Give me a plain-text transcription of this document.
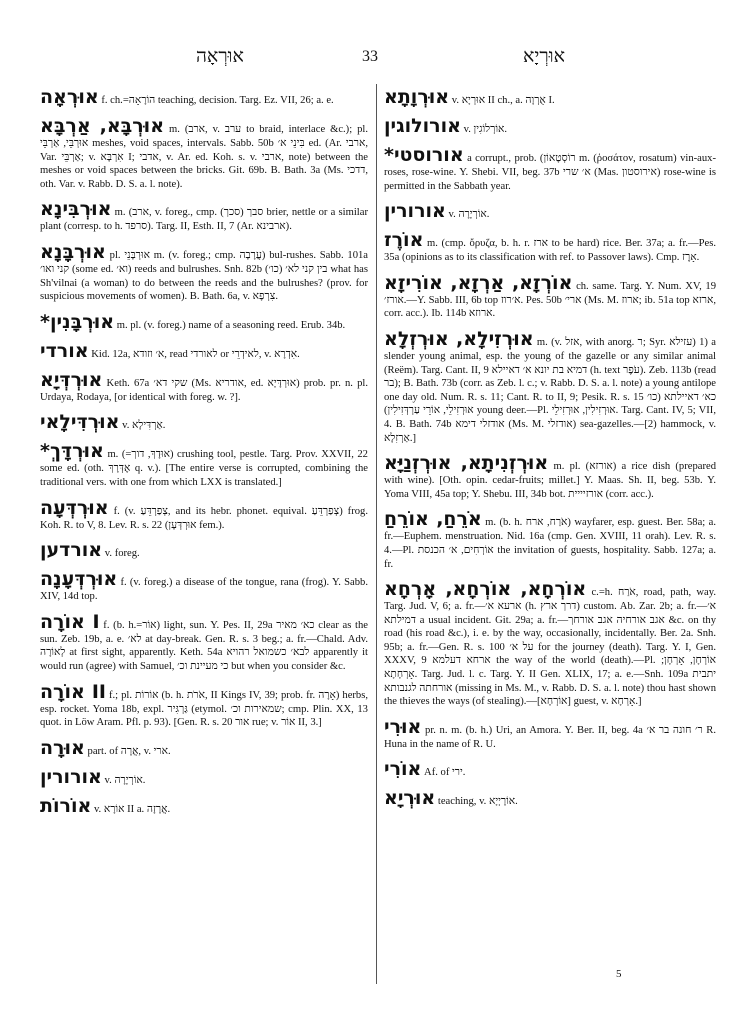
אוּרְאָה	33	אוּרְיָא

אוּרְאָה f. ch.=הוֹרָאָה teaching, decision. Targ. Ez. VII, 26; a. e.

אוּרְבָּא, אַרְבָּא m. (ארב, v. ערב to braid, interlace &c.); pl. אוּרְבֵּי, אַרְבֵּי meshes, void spaces, intervals. Sabb. 50b בִּינֵי א׳ ed. (Ar. ארבי, Var. אַרְבֵּי; v. אִרְבָּא I; אדבי, v. Ar. ed. Koh. s. v. ארבי, note) between the meshes or void spaces between the bricks. Git. 69b. B. Bath. 3a (Ms. דדכי, oth. Var. v. Rabb. D. S. a. l. note).

אוּרְבִּינָא m. (ארב, v. foreg., cmp. סבך (סכך) brier, nettle or a similar plant (corresp. to h. סרפד). Targ. II, Esth. II, 7 (Ar. ארבינא).

אוּרְבָּנָא pl. אוּרְבָּנֵי m. (v. foreg.; cmp. עֲרָבָה) bul-rushes. Sabb. 101a קני ואו׳ (some ed. וא׳) reeds and bulrushes. Snh. 82b בין קני לא׳ (כו׳) what has Sh'vilnai (a woman) to do between the reeds and the bulrushes? (prov. for suspicious movements of women). B. Bath. 6a, v. צִרְפָא.

*אוּרְבָּנִין m. pl. (v. foreg.) name of a seasoning reed. Erub. 34b.

אורדי Kid. 12a, א׳ וזודא, read לאורדי or לאידְרֵי, v. אִדְרָא.

אוּרְדְּיָא Keth. 67a שקי דא׳ (Ms. אודריא, ed. אוּרְדָּיָא) prob. pr. n. pl. Urdaya, Rodaya, [or identical with foreg. w. ?].

אוּרְדִּילָאי v. אַרְדִּילָא.

*אוּרְדָּךְ m. (=אוּדָךְ, דוך) crushing tool, pestle. Targ. Prov. XXVII, 22 some ed. (oth. אֶדְּרָךְ q. v.). [The entire verse is corrupted, combining the traditional vers. with one from which LXX is translated.]

אוּרְדְּעָה f. (v. צְפַרְדֵּעַ, and its hebr. phonet. equival. צְפַרְדֵּעַ) frog. Koh. R. to V, 8. Lev. R. s. 22 (אוּרְדְּעָן fem.).

אורדען v. foreg.

אוּרְדְּעָנָה f. (v. foreg.) a disease of the tongue, rana (frog). Y. Sabb. XIV, 14d top.

אוֹרָה I f. (b. h.=אוֹר) light, sun. Y. Pes. II, 29a כא׳ מאיר clear as the sun. Zeb. 19b, a. e. לא׳ at day-break. Gen. R. s. 3 beg.; a. fr.—Chald. Adv. לְאוֹרָה at first sight, apparently. Keth. 54a לבא׳ כשמואל רהויא apparently it would run (agree) with Samuel, כי מעיינת וכ׳ but when you consider &c.

אוֹרָה II f.; pl. אוֹרוֹת (b. h. אֹרֹת, II Kings IV, 39; prob. fr. אָרָה) herbs, esp. rocket. Yoma 18b, expl. גַּרְגִּיר (etymol. שמאירות וכ׳; cmp. Plin. XX, 13 quot. in Löw Aram. Pfl. p. 93). [Gen. R. s. 20 אור rue; v. אוֹר II, 3.]

אוּרָה part. of אֲרָה, v. ארי.

אורורין v. אוֹרְיָרָה.

אוֹרוֹת v. אוֹרָא II a. אֲרָזָה.

אוּרְוָתָא v. אוּרְיָא II ch., a. אֻרְוָה I.

אורולוגין v. אוֹרְלוֹגִין.

*אורוסטי a corrupt., prob. (רוֹסְטָאוֹן m. (ῥοσάτον, rosatum) vin-aux-roses, rose-wine. Y. Shebi. VII, beg. 37b א׳ שרי (Mas. אירוסטון) rose-wine is permitted in the Sabbath year.

אורורין v. אוֹרְיָרָה.

אוֹרֶז m. (cmp. ὄρυζα, b. h. r. ארז to be hard) rice. Ber. 37a; a. fr.—Pes. 35a (opinions as to its classification with ref. to Passover laws). Cmp. אָרֶז.

אוֹרְזָא, אַרְזָא, אוֹרִיזָא ch. same. Targ. Y. Num. XV, 19 אורז׳.—Y. Sabb. III, 6b top א׳רוז. Pes. 50b ארי׳ (Ms. M. ארוז; ib. 51a top ארזא, corr. acc.). Ib. 114b ארוזא.

אוּרְזִילָא, אוּרְזְלָא m. (v. אזל, with anorg. ר; Syr. עזילא) 1) a slender young animal, esp. the young of the gazelle or any similar animal (Reëm). Targ. Cant. II, 9 דמיא בת יונא א׳ דאיילא (h. text עֹפֶר). Zeb. 113b (read בר); B. Bath. 73b (corr. as Zeb. l. c.; v. Rabb. D. S. a. l. note) a young antilope one day old. Num. R. s. 11; Cant. R. to II, 9; Pesik. R. s. 15 כא׳ דאיילתא (כו׳ אוּרְזִילֵי, אוֹרֵי עַרְדְּזִילִין) young deer.—Pl. אוּרְזִילִין, אוּרְזִילֵי. Targ. Cant. IV, 5; VII, 4. B. Bath. 74b אודזלי דימא (Ms. M. אודזלי) sea-gazelles.—[2) hammock, v. אַרְזִלָא.]

אוּרְזְנִיתָא, אוּרְזְנַיָּא m. pl. (אורזא) a rice dish (prepared with wine). [Oth. opin. cedar-fruits; millet.] Y. Maas. Sh. II, beg. 53b. Y. Yoma VIII, 45a top; Y. Shebu. III, 34b bot. אורזיייית (corr. acc.).

אֹרֵחַ, אוֹרֵחַ m. (b. h. אֹרַח, ארח) wayfarer, esp. guest. Ber. 58a; a. fr.—Euphem. menstruation. Nid. 16a (cmp. Gen. XVIII, 11 orah). Lev. R. s. 4.—Pl. אוֹרְחִים, א׳ הכנסת the invitation of guests, hospitality. Sabb. 127a; a. fr.

אוֹרְחָא, אוֹרְחָא, אָרְחָא c.=h. אֹרַח, road, path, way. Targ. Jud. V, 6; a. fr.—ארעא א׳ (h. דרך ארץ) custom. Ab. Zar. 2b; a. fr.—א׳ דמילתא a usual incident. Git. 29a; a. fr.—אגב אורחיה אגב אורחך &c. on thy road (his road &c.), i. e. by the way, occasionally, incidentally. Ber. 2a. Snh. 95b; a. fr.—Gen. R. s. 100 על א׳ for the journey (death). Targ. Y. I, Gen. XXXV, 9 ארחא דעלמא the way of the world (death).—Pl. אוֹרְחָן, אָרְחָן; אָרְחָתָא. Targ. Jud. l. c. Targ. Y. II Gen. XLIX, 17; a. e.—Snh. 109a יתבית אורחתה לגנבותא (missing in Ms. M., v. Rabb. D. S. a. l. note) thou hast shown the thieves the ways (of stealing).—[אוֹרְחָא] guest, v. אָרְחָא.]

אוּרִי pr. n. m. (b. h.) Uri, an Amora. Y. Ber. II, beg. 4a ר׳ חונה בר א׳ R. Huna in the name of R. U.

אוֹרִי Af. of ירי.

אוּרְיָא teaching, v. אוֹרָיְיָא.

5
